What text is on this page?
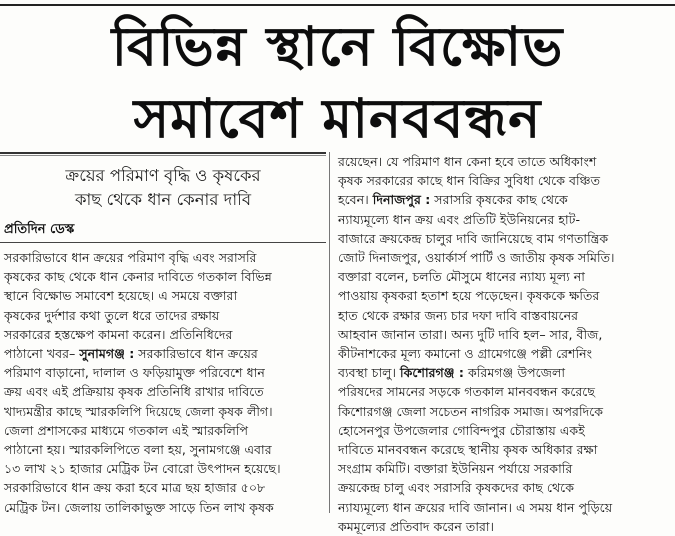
বিভিন্ন স্থানে বিক্ষোভ
সমাবেশ মানববন্ধন
ক্রয়ের পরিমাণ বৃদ্ধি ও কৃষকের
কাছ থেকে ধান কেনার দাবি
প্রতিদিন ডেস্ক
সরকারিভাবে ধান ক্রয়ের পরিমাণ বৃদ্ধি এবং সরাসরি
কৃষকের কাছ থেকে ধান কেনার দাবিতে গতকাল বিভিন্ন
স্থানে বিক্ষোভ সমাবেশ হয়েছে। এ সময়ে বক্তারা
কৃষকের দুর্দশার কথা তুলে ধরে তাদের রক্ষায়
সরকারের হস্তক্ষেপ কামনা করেন। প্রতিনিধিদের
পাঠানো খবর– সুনামগঞ্জ : সরকারিভাবে ধান ক্রয়ের
পরিমাণ বাড়ানো, দালাল ও ফড়িয়ামুক্ত পরিবেশে ধান
ক্রয় এবং এই প্রক্রিয়ায় কৃষক প্রতিনিধি রাখার দাবিতে
খাদ্যমন্ত্রীর কাছে স্মারকলিপি দিয়েছে জেলা কৃষক লীগ।
জেলা প্রশাসকের মাধ্যমে গতকাল এই স্মারকলিপি
পাঠানো হয়। স্মারকলিপিতে বলা হয়, সুনামগঞ্জে এবার
১৩ লাখ ২১ হাজার মেট্রিক টন বোরো উৎপাদন হয়েছে।
সরকারিভাবে ধান ক্রয় করা হবে মাত্র ছয় হাজার ৫০৮
মেট্রিক টন। জেলায় তালিকাভুক্ত সাড়ে তিন লাখ কৃষক
রয়েছেন। যে পরিমাণ ধান কেনা হবে তাতে অধিকাংশ
কৃষক সরকারের কাছে ধান বিক্রির সুবিধা থেকে বঞ্চিত
হবেন। দিনাজপুর : সরাসরি কৃষকের কাছ থেকে
ন্যায্যমূল্যে ধান ক্রয় এবং প্রতিটি ইউনিয়নের হাট-
বাজারে ক্রয়কেন্দ্র চালুর দাবি জানিয়েছে বাম গণতান্ত্রিক
জোট দিনাজপুর, ওয়ার্কার্স পার্টি ও জাতীয় কৃষক সমিতি।
বক্তারা বলেন, চলতি মৌসুমে ধানের ন্যায্য মূল্য না
পাওয়ায় কৃষকরা হতাশ হয়ে পড়েছেন। কৃষককে ক্ষতির
হাত থেকে রক্ষার জন্য চার দফা দাবি বাস্তবায়নের
আহবান জানান তারা। অন্য দুটি দাবি হল– সার, বীজ,
কীটনাশকের মূল্য কমানো ও গ্রামেগঞ্জে পল্লী রেশনিং
ব্যবস্থা চালু। কিশোরগঞ্জ : করিমগঞ্জ উপজেলা
পরিষদের সামনের সড়কে গতকাল মানববন্ধন করেছে
কিশোরগঞ্জ জেলা সচেতন নাগরিক সমাজ। অপরদিকে
হোসেনপুর উপজেলার গোবিন্দপুর চৌরাস্তায় একই
দাবিতে মানববন্ধন করেছে স্থানীয় কৃষক অধিকার রক্ষা
সংগ্রাম কমিটি। বক্তারা ইউনিয়ন পর্যায়ে সরকারি
ক্রয়কেন্দ্র চালু এবং সরাসরি কৃষকদের কাছ থেকে
ন্যায্যমূল্যে ধান ক্রয়ের দাবি জানান। এ সময় ধান পুড়িয়ে
কমমূল্যের প্রতিবাদ করেন তারা।
